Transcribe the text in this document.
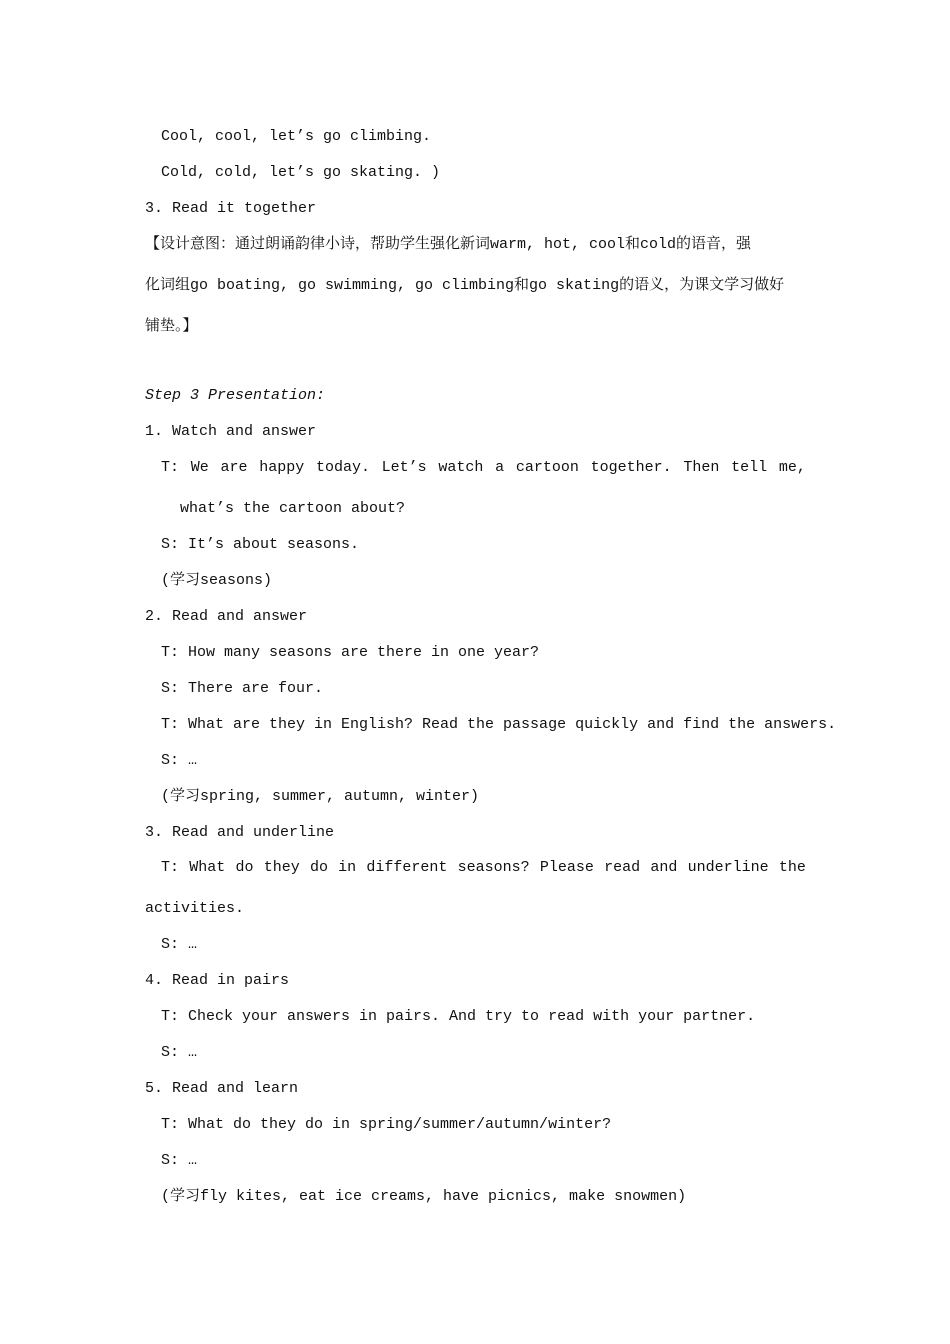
Cool, cool, let’s go climbing.

Cold, cold, let’s go skating. )

3. Read it together

【设计意图：通过朗诵韵律小诗，帮助学生强化新词warm, hot, cool和cold的语音，强

化词组go boating, go swimming, go climbing和go skating的语义，为课文学习做好

铺垫。】

Step 3 Presentation:

1. Watch and answer

T: We are happy today. Let’s watch a cartoon together. Then tell me,

what’s the cartoon about?

S: It’s about seasons.

(学习seasons)

2. Read and answer

T: How many seasons are there in one year?

S: There are four.

T: What are they in English? Read the passage quickly and find the answers.

S: …

(学习spring, summer, autumn, winter)

3. Read and underline

T: What do they do in different seasons? Please read and underline the

activities.

S: …

4. Read in pairs

T: Check your answers in pairs. And try to read with your partner.

S: …

5. Read and learn

T: What do they do in spring/summer/autumn/winter?

S: …

(学习fly kites, eat ice creams, have picnics, make snowmen)
